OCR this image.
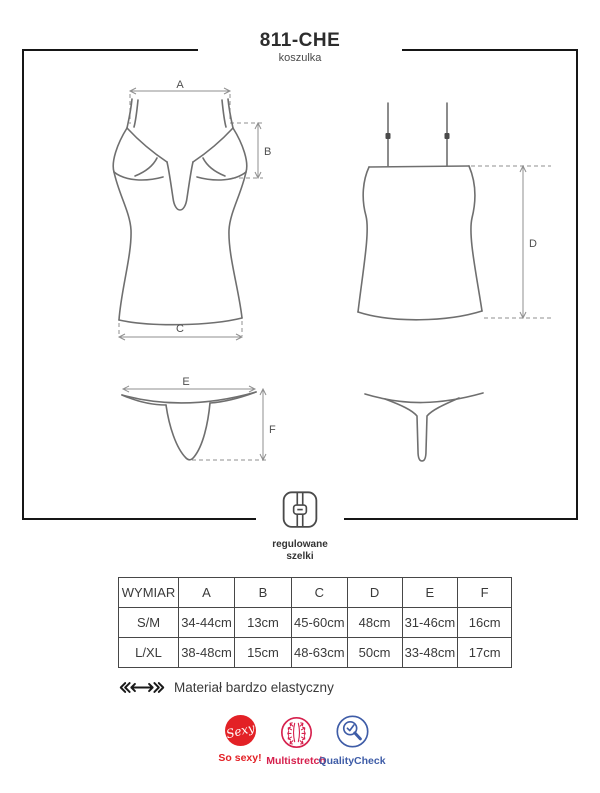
811-CHE
koszulka
A
B
C
D
E
F
regulowane
szelki
WYMIAR	A	B	C	D	E	F
S/M	34-44cm	13cm	45-60cm	48cm	31-46cm	16cm
L/XL	38-48cm	15cm	48-63cm	50cm	33-48cm	17cm
Materiał bardzo elastyczny
Sexy
So sexy! Multistretch
QualityCheck
